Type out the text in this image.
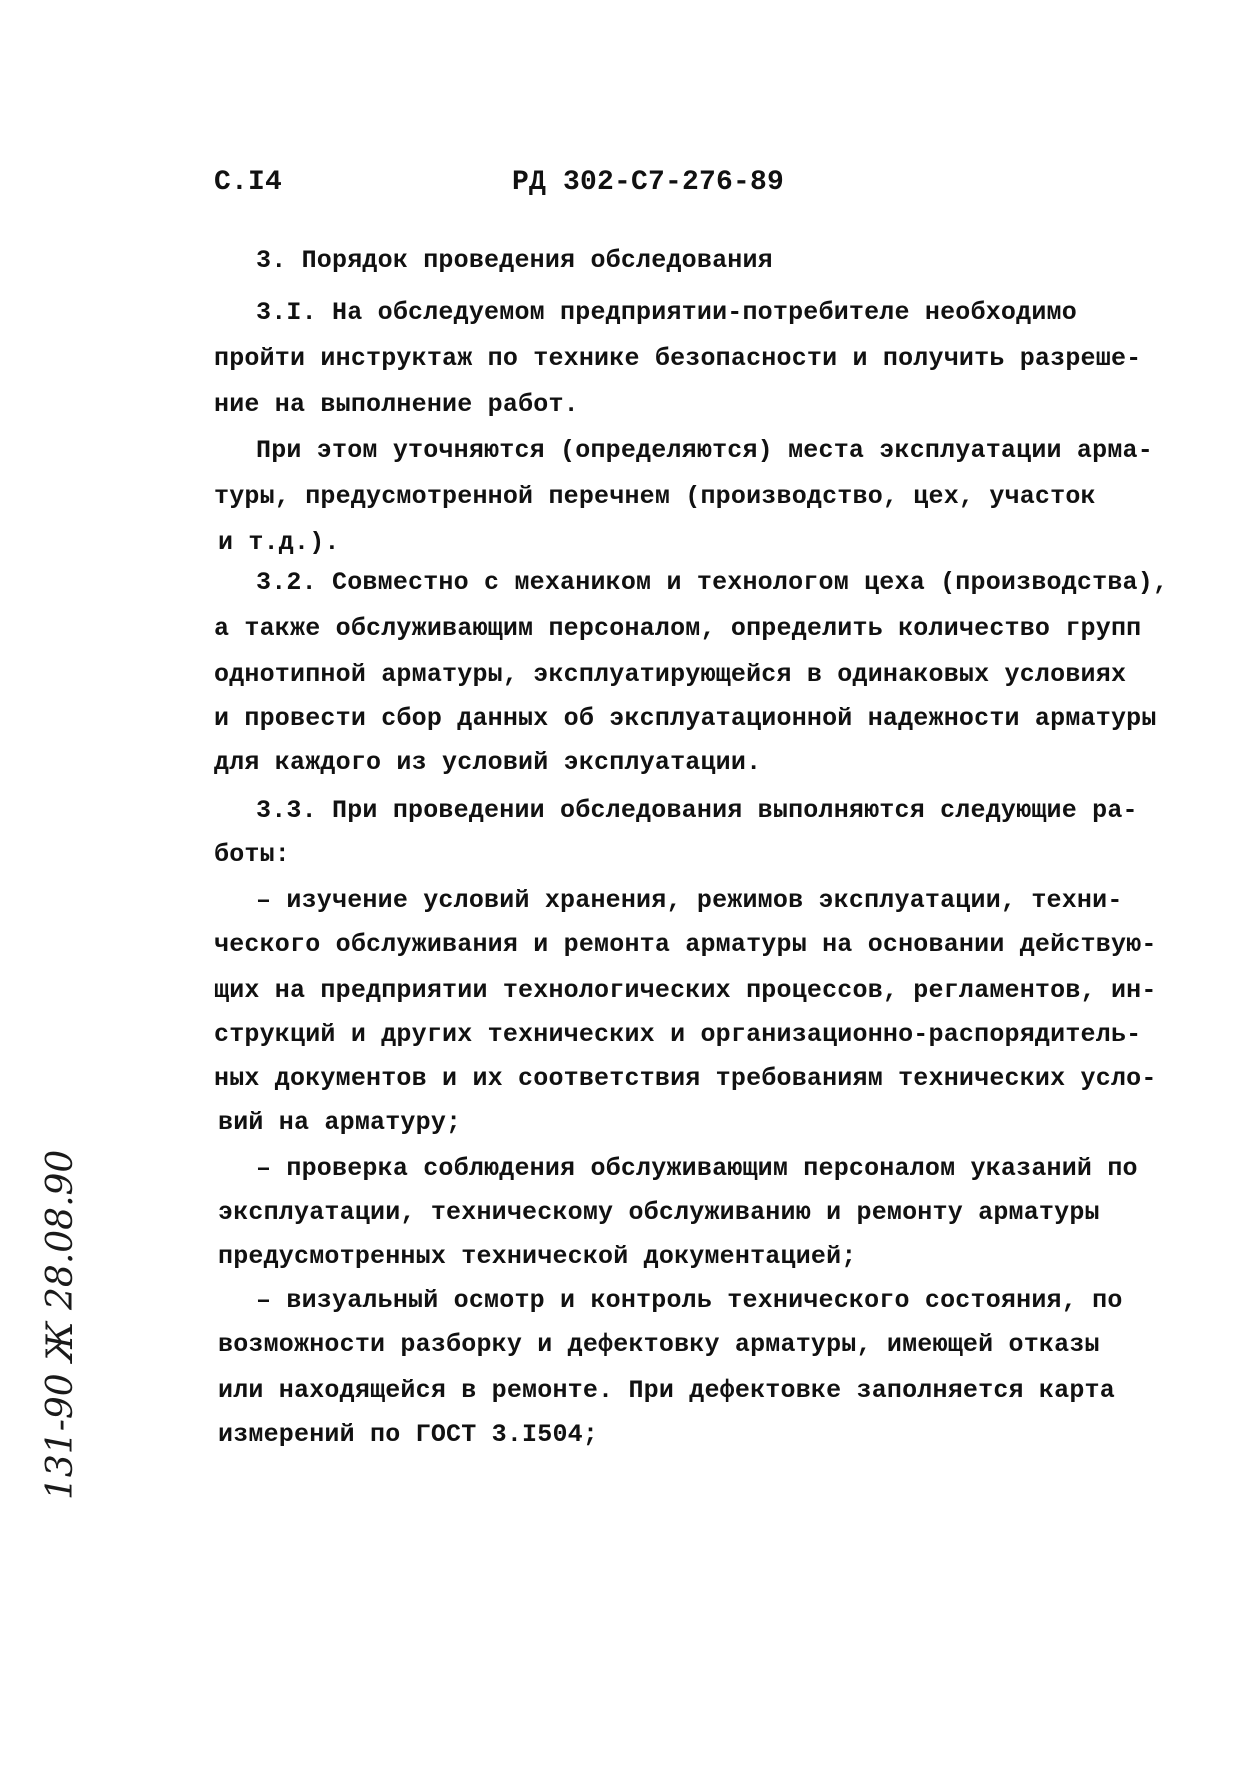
С.I4	РД 302-С7-276-89
3. Порядок проведения обследования
3.I. На обследуемом предприятии-потребителе необходимо
пройти инструктаж по технике безопасности и получить разреше-
ние на выполнение работ.
При этом уточняются (определяются) места эксплуатации арма-
туры, предусмотренной перечнем (производство, цех, участок
и т.д.).
3.2. Совместно с механиком и технологом цеха (производства),
а также обслуживающим персоналом, определить количество групп
однотипной арматуры, эксплуатирующейся в одинаковых условиях
и провести сбор данных об эксплуатационной надежности арматуры
для каждого из условий эксплуатации.
3.3. При проведении обследования выполняются следующие ра-
боты:
– изучение условий хранения, режимов эксплуатации, техни-
ческого обслуживания и ремонта арматуры на основании действую-
щих на предприятии технологических процессов, регламентов, ин-
струкций и других технических и организационно-распорядитель-
ных документов и их соответствия требованиям технических усло-
вий на арматуру;
– проверка соблюдения обслуживающим персоналом указаний по
эксплуатации, техническому обслуживанию и ремонту арматуры
предусмотренных технической документацией;
– визуальный осмотр и контроль технического состояния, по
возможности разборку и дефектовку арматуры, имеющей отказы
или находящейся в ремонте. При дефектовке заполняется карта
измерений по ГОСТ 3.I504;
131-90 Ж 28.08.90
